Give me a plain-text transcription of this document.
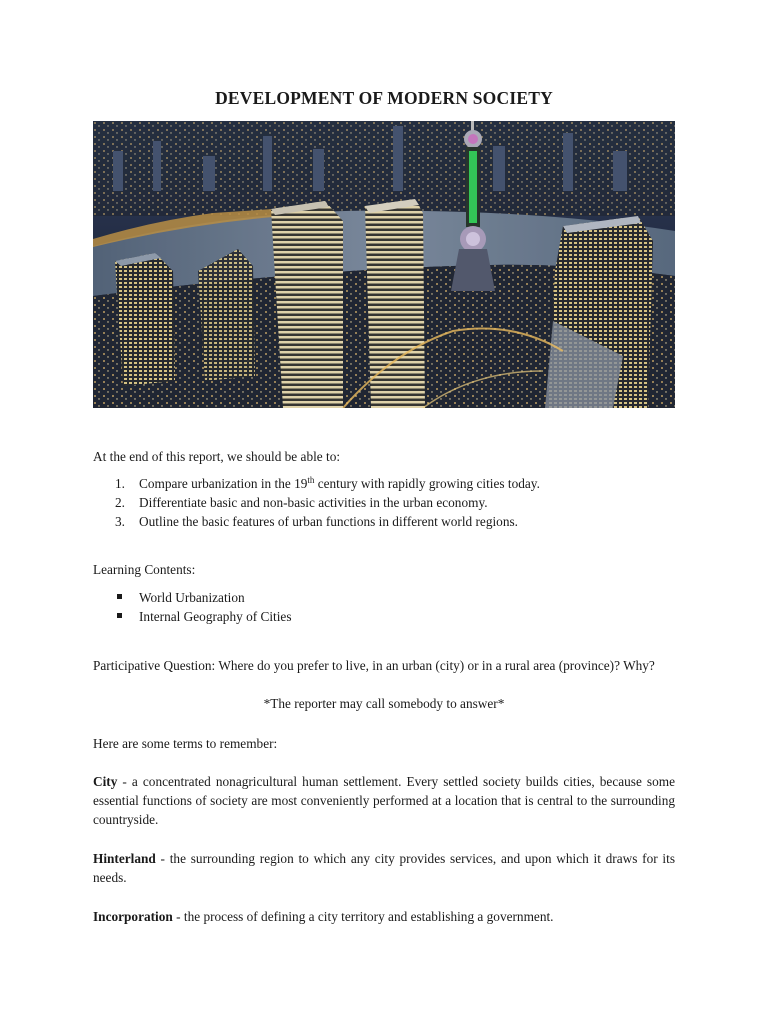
DEVELOPMENT OF MODERN SOCIETY
At the end of this report, we should be able to:
1. Compare urbanization in the 19th century with rapidly growing cities today.
2. Differentiate basic and non-basic activities in the urban economy.
3. Outline the basic features of urban functions in different world regions.
Learning Contents:
World Urbanization
Internal Geography of Cities
Participative Question: Where do you prefer to live, in an urban (city) or in a rural area (province)? Why?
*The reporter may call somebody to answer*
Here are some terms to remember:
City - a concentrated nonagricultural human settlement. Every settled society builds cities, because some essential functions of society are most conveniently performed at a location that is central to the surrounding countryside.
Hinterland - the surrounding region to which any city provides services, and upon which it draws for its needs.
Incorporation - the process of defining a city territory and establishing a government.
